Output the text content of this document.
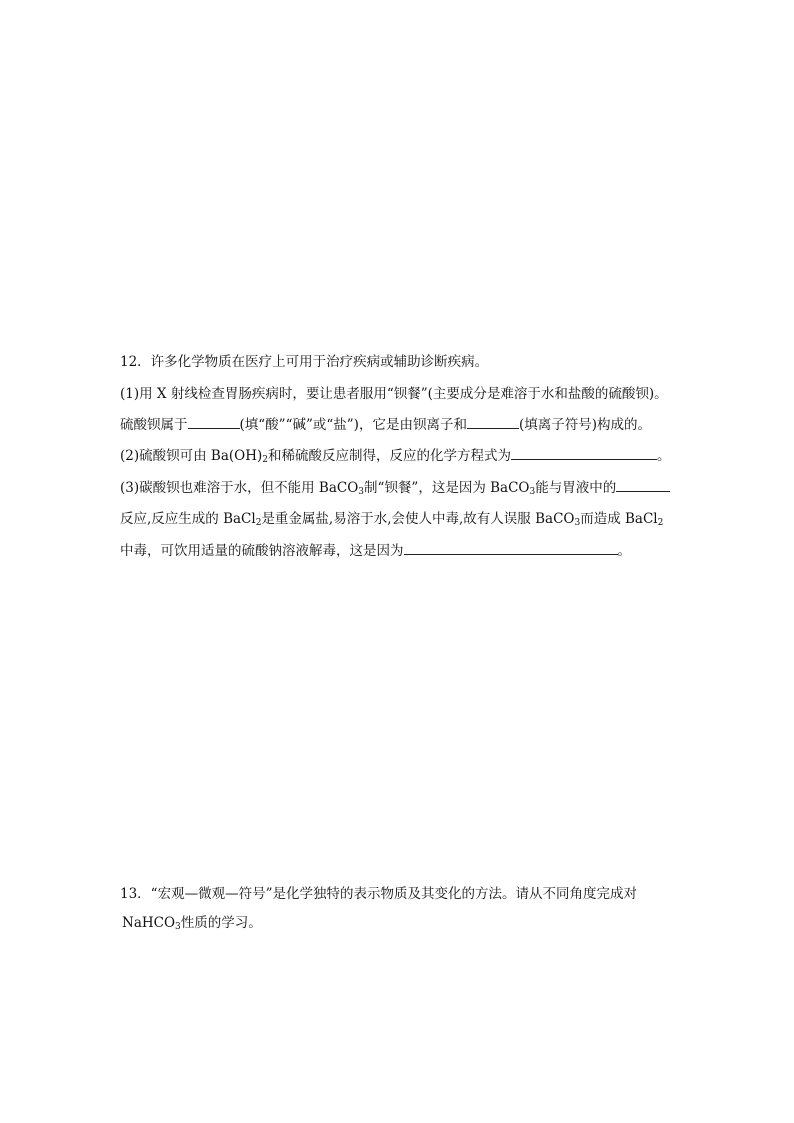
12．许多化学物质在医疗上可用于治疗疾病或辅助诊断疾病。
(1)用 X 射线检查胃肠疾病时，要让患者服用“钡餐”(主要成分是难溶于水和盐酸的硫酸钡)。
硫酸钡属于	(填“酸”“碱”或“盐”)，它是由钡离子和	(填离子符号)构成的。
(2)硫酸钡可由 $Ba(OH)_2$和稀硫酸反应制得，反应的化学方程式为	。
(3)碳酸钡也难溶于水，但不能用 BaCO$_3$制“钡餐”，这是因为 BaCO$_3$能与胃液中的
反应,反应生成的 BaCl$_2$是重金属盐,易溶于水,会使人中毒,故有人误服 BaCO$_3$而造成 BaCl$_2$
中毒，可饮用适量的硫酸钠溶液解毒，这是因为	。
13．“宏观—微观—符号”是化学独特的表示物质及其变化的方法。请从不同角度完成对
NaHCO$_3$性质的学习。
